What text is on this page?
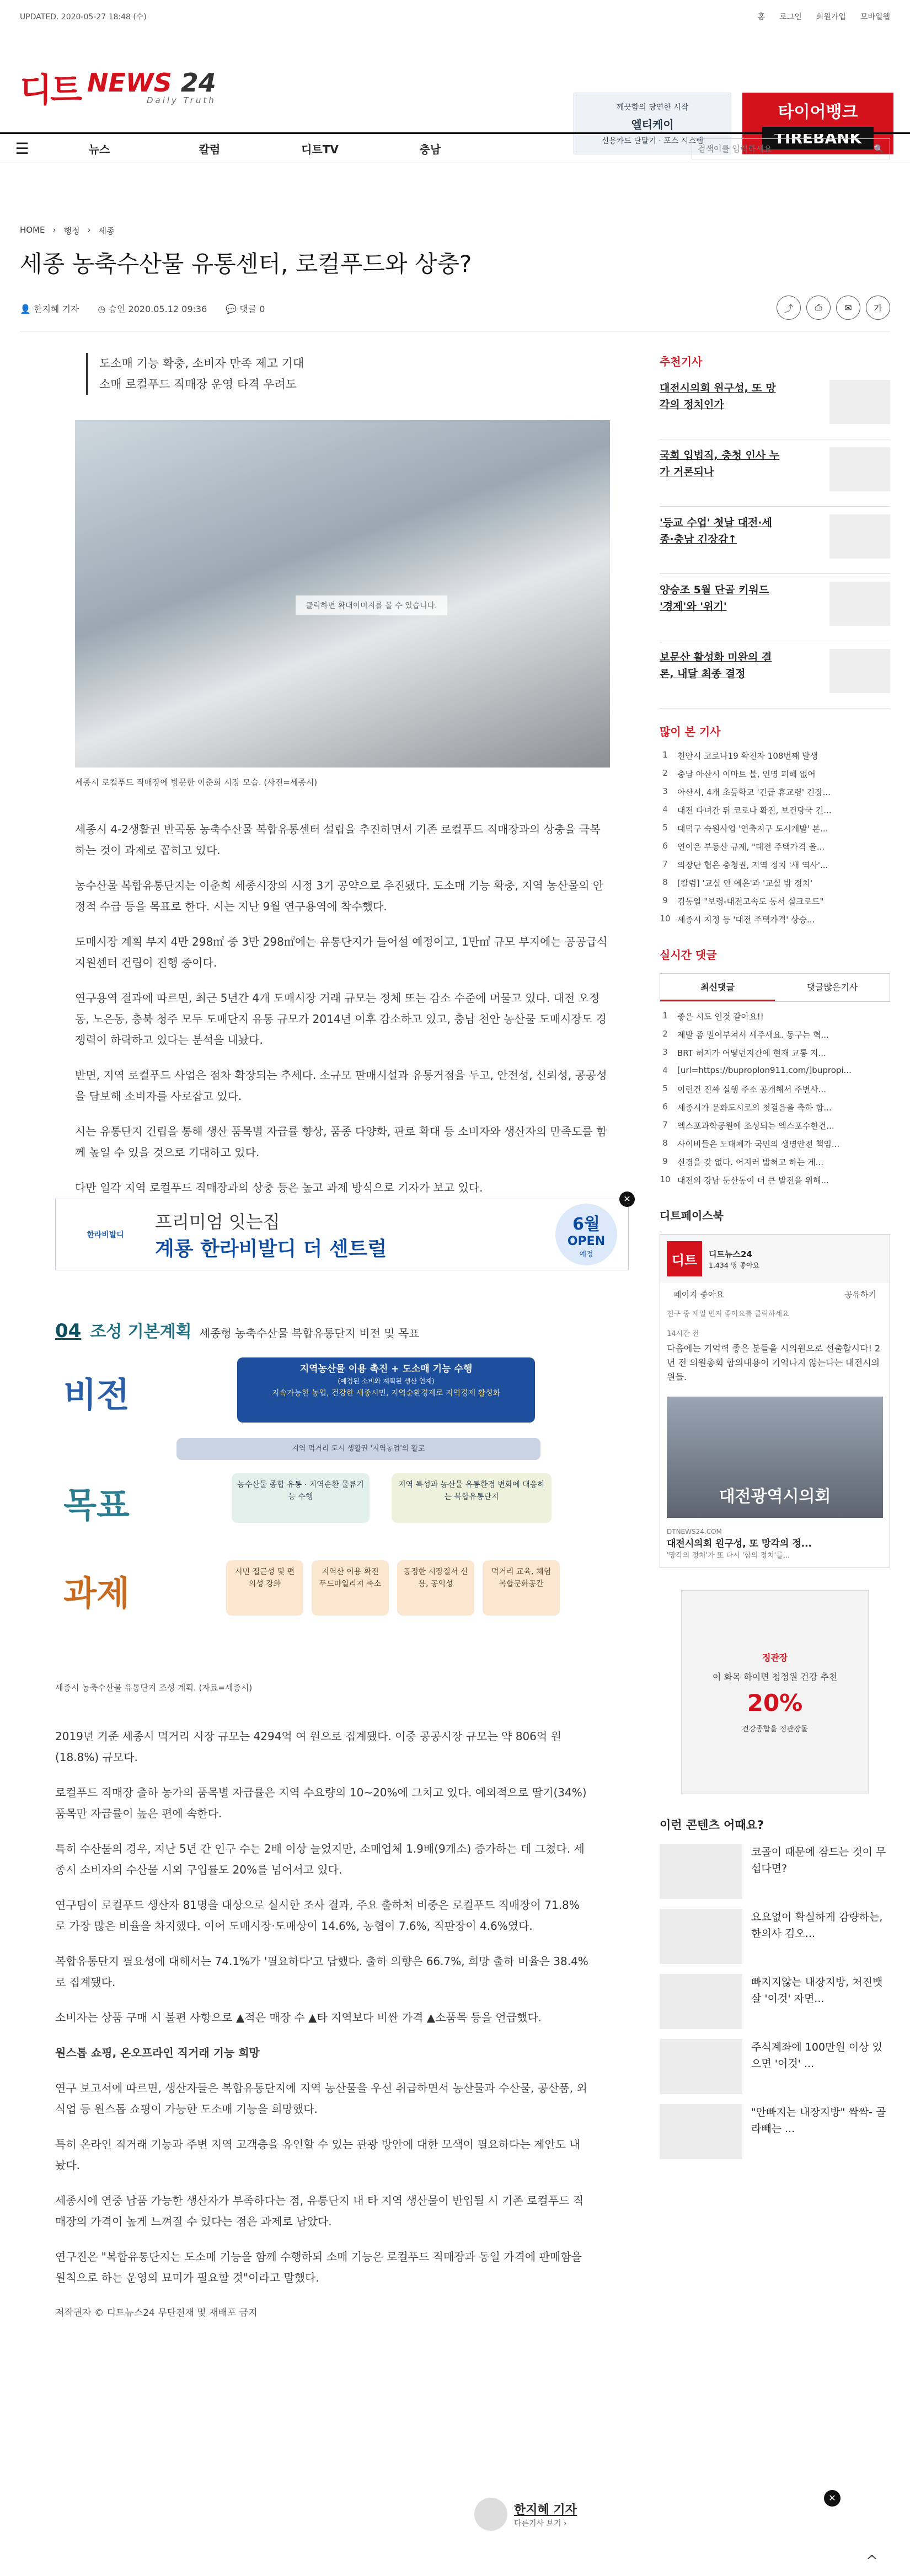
UPDATED. 2020-05-27 18:48 (수)	홈 로그인 회원가입 모바일웹
디트 NEWS 24
Daily Truth
깨끗함의 당연한 시작
엘티케이
신용카드 단말기 · 포스 시스템
타이어뱅크
TIREBANK
☰	뉴스	칼럼	디트TV	충남
검색어를 입력하세요	🔍
HOME › 행정 › 세종
세종 농축수산물 유통센터, 로컬푸드와 상충?
👤 한지혜 기자 ◷ 승인 2020.05.12 09:36 💬 댓글 0	⤴	⎙	✉	가
도소매 기능 확충, 소비자 만족 제고 기대
소매 로컬푸드 직매장 운영 타격 우려도
클릭하면 확대이미지를 볼 수 있습니다.
세종시 로컬푸드 직매장에 방문한 이춘희 시장 모습. (사진=세종시)

세종시 4-2생활권 반곡동 농축수산물 복합유통센터 설립을 추진하면서 기존 로컬푸드 직매장과의 상충을 극복하는 것이 과제로 꼽히고 있다.

농수산물 복합유통단지는 이춘희 세종시장의 시정 3기 공약으로 추진됐다. 도소매 기능 확충, 지역 농산물의 안정적 수급 등을 목표로 한다. 시는 지난 9월 연구용역에 착수했다.

도매시장 계획 부지 4만 298㎡ 중 3만 298㎡에는 유통단지가 들어설 예정이고, 1만㎡ 규모 부지에는 공공급식지원센터 건립이 진행 중이다.

연구용역 결과에 따르면, 최근 5년간 4개 도매시장 거래 규모는 정체 또는 감소 수준에 머물고 있다. 대전 오정동, 노은동, 충북 청주 모두 도매단지 유통 규모가 2014년 이후 감소하고 있고, 충남 천안 농산물 도매시장도 경쟁력이 하락하고 있다는 분석을 내놨다.

반면, 지역 로컬푸드 사업은 점차 확장되는 추세다. 소규모 판매시설과 유통거점을 두고, 안전성, 신뢰성, 공공성을 담보해 소비자를 사로잡고 있다.

시는 유통단지 건립을 통해 생산 품목별 자급률 향상, 품종 다양화, 판로 확대 등 소비자와 생산자의 만족도를 함께 높일 수 있을 것으로 기대하고 있다.

다만 일각 지역 로컬푸드 직매장과의 상충 등은 높고 과제 방식으로 기자가 보고 있다.

한라비발디
프리미엄 잇는집
계룡 한라비발디 더 센트럴
6월
OPEN
예정
✕
04 조성 기본계획 세종형 농축수산물 복합유통단지 비전 및 목표
비전
지역농산물 이용 촉진 + 도소매 기능 수행
(예정된 소비와 계획된 생산 연계)
지속가능한 농업, 건강한 세종시민, 지역순환경제로 지역경제 활성화
지역 먹거리 도시 생활권 '지역농업'의 활로
목표	농수산물 종합 유통 · 지역순환 물류기능 수행
지역 특성과 농산물 유통환경 변화에 대응하는 복합유통단지
과제
시민 접근성 및 편의성 강화
지역산 이용 확진 푸드마일리지 축소
공정한 시장질서 신용, 공익성
먹거리 교육, 체험 복합문화공간
세종시 농축수산물 유통단지 조성 계획. (자료=세종시)

2019년 기준 세종시 먹거리 시장 규모는 4294억 여 원으로 집계됐다. 이중 공공시장 규모는 약 806억 원(18.8%) 규모다.

로컬푸드 직매장 출하 농가의 품목별 자급률은 지역 수요량의 10~20%에 그치고 있다. 예외적으로 딸기(34%) 품목만 자급률이 높은 편에 속한다.

특히 수산물의 경우, 지난 5년 간 인구 수는 2배 이상 늘었지만, 소매업체 1.9배(9개소) 증가하는 데 그쳤다. 세종시 소비자의 수산물 시외 구입률도 20%를 넘어서고 있다.

연구팀이 로컬푸드 생산자 81명을 대상으로 실시한 조사 결과, 주요 출하처 비중은 로컬푸드 직매장이 71.8%로 가장 많은 비율을 차지했다. 이어 도매시장·도매상이 14.6%, 농협이 7.6%, 직판장이 4.6%였다.

복합유통단지 필요성에 대해서는 74.1%가 '필요하다'고 답했다. 출하 의향은 66.7%, 희망 출하 비율은 38.4%로 집계됐다.

소비자는 상품 구매 시 불편 사항으로 ▲적은 매장 수 ▲타 지역보다 비싼 가격 ▲소품목 등을 언급했다.

원스톱 쇼핑, 온오프라인 직거래 기능 희망

연구 보고서에 따르면, 생산자들은 복합유통단지에 지역 농산물을 우선 취급하면서 농산물과 수산물, 공산품, 외식업 등 원스톱 쇼핑이 가능한 도소매 기능을 희망했다.

특히 온라인 직거래 기능과 주변 지역 고객층을 유인할 수 있는 관광 방안에 대한 모색이 필요하다는 제안도 내놨다.

세종시에 연중 납품 가능한 생산자가 부족하다는 점, 유통단지 내 타 지역 생산물이 반입될 시 기존 로컬푸드 직매장의 가격이 높게 느껴질 수 있다는 점은 과제로 남았다.

연구진은 "복합유통단지는 도소매 기능을 함께 수행하되 소매 기능은 로컬푸드 직매장과 동일 가격에 판매함을 원칙으로 하는 운영의 묘미가 필요할 것"이라고 말했다.

저작권자 © 디트뉴스24 무단전재 및 재배포 금지
한지혜 기자
다른기사 보기 ›
추천기사
대전시의회 원구성, 또 망각의 정치인가
국회 입법직, 충청 인사 누가 거론되나
'등교 수업' 첫날 대전·세종·충남 긴장감↑
양승조 5월 단골 키워드 '경제'와 '위기'
보문산 활성화 미완의 결론, 내달 최종 결정
많이 본 기사
1	천안시 코로나19 확진자 108번째 발생
2	충남 아산시 이마트 불, 인명 피해 없어
3	아산시, 4개 초등학교 '긴급 휴교령' 긴장...
4	대전 다녀간 뒤 코로나 확진, 보건당국 긴...
5	대덕구 숙원사업 '연축지구 도시개발' 본...
6	연이은 부동산 규제, "대전 주택가격 올...
7	의장단 협은 충청권, 지역 정치 '새 역사'...
8	[칼럼] '교실 안 에온'과 '교실 밖 정치'
9	김동일 "보령-대전고속도 동서 실크로드"
10 세종시 지정 등 '대전 주택가격' 상승...
실시간 댓글
최신댓글	댓글많은기사
1	좋은 시도 인것 같아요!!
2	제발 좀 밀어부쳐서 세주세요. 동구는 혁...
3	BRT 허지가 어떻던지간에 현재 교통 지...
4	[url=https://buproplon911.com/]bupropi...
5	이런건 진짜 실행 주소 공개해서 주변사...
6	세종시가 문화도시로의 첫걸음을 축하 합...
7	엑스포과학공원에 조성되는 엑스포수한건...
8	사이비들은 도대체가 국민의 생명안전 책임...
9	신경을 갖 없다. 어지러 밟혀고 하는 게...
10 대전의 강남 둔산동이 더 큰 발전을 위해...
디트페이스북
디트	디트뉴스24
1,434 명 좋아요
페이지 좋아요	공유하기
친구 중 제일 먼저 좋아요를 클릭하세요
14시간 전
다음에는 기억력 좋은 분들을 시의원으로 선출합시다! 2년 전 의원총회 합의내용이 기억나지 않는다는 대전시의원들.
대전광역시의회
DTNEWS24.COM
대전시의회 원구성, 또 망각의 정...
'망각의 정치'가 또 다시 '합의 정치'를...
정관장
이 화목 하이면 청정원 건강 추천
20%
건강종합을 정관장몰
이런 콘텐츠 어때요?
코골이 때문에 잠드는 것이 무섭다면?
요요없이 확실하게 감량하는, 한의사 김오...
빠지지않는 내장지방, 처진뱃살 '이것' 자면...
주식계좌에 100만원 이상 있으면 '이것' ...
"안빠지는 내장지방" 싹싹- 골라빼는 ...
✕
^
